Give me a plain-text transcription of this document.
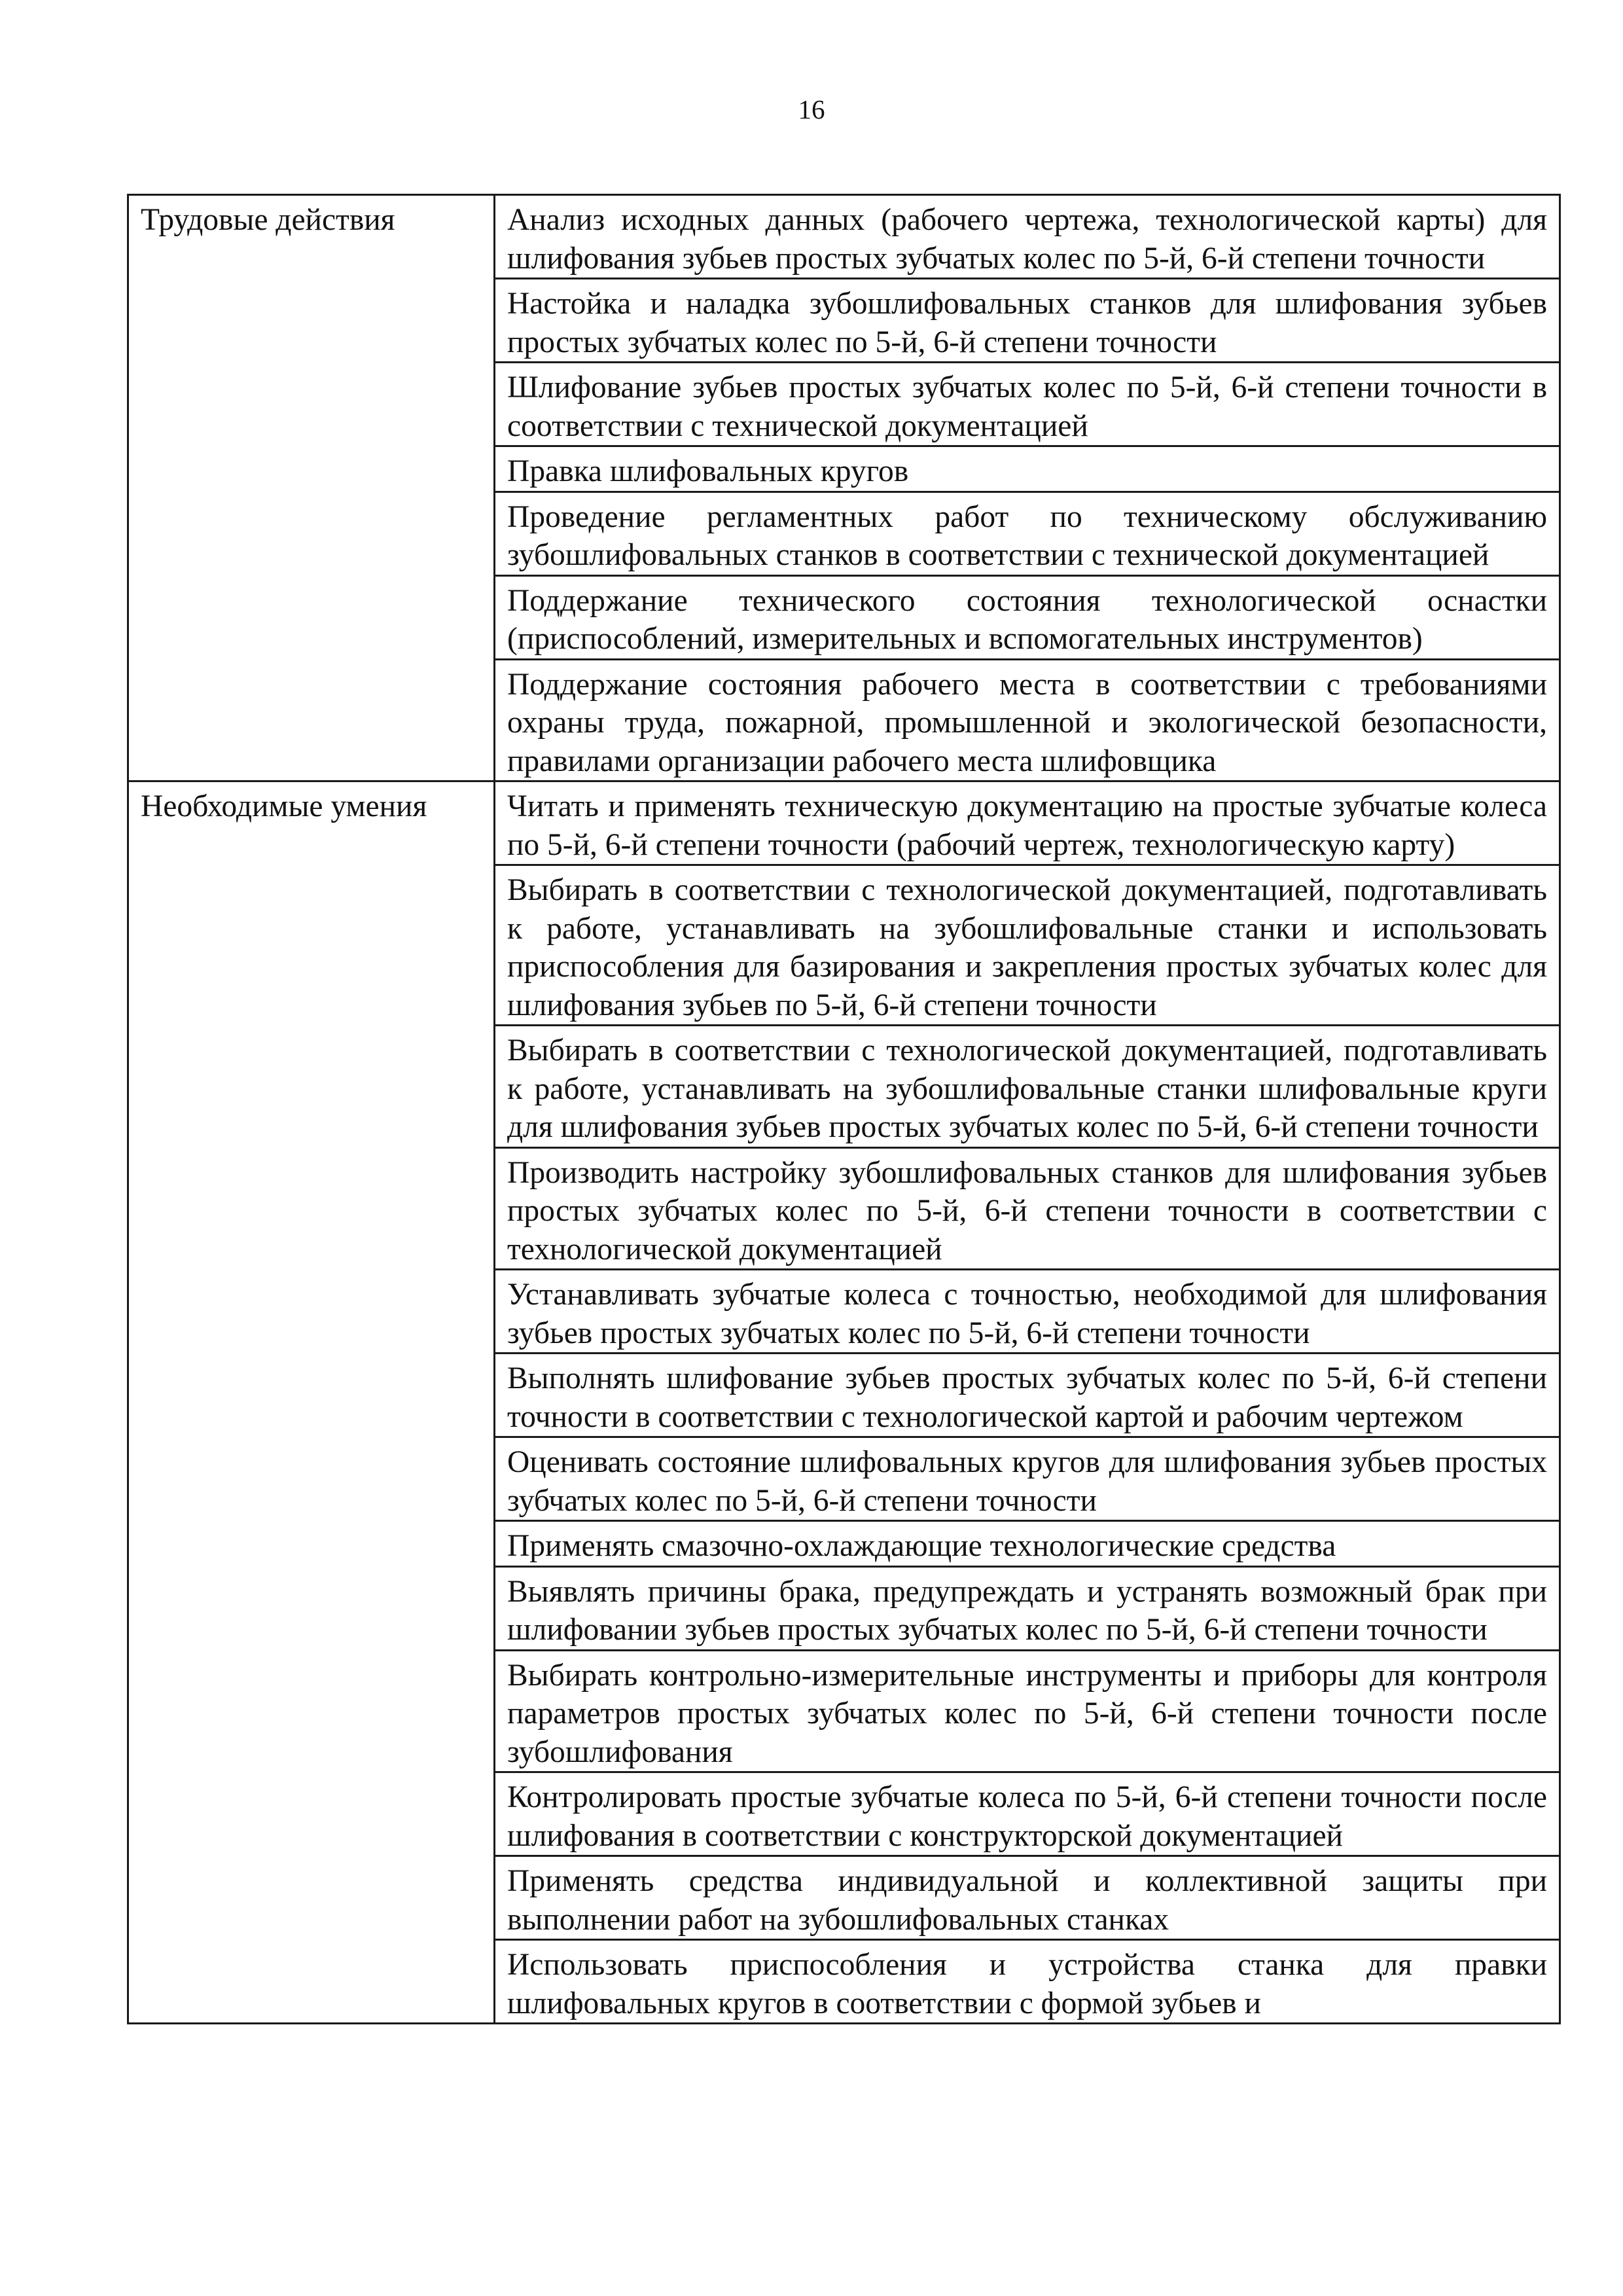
16
Трудовые действия	Анализ исходных данных (рабочего чертежа, технологической карты) для шлифования зубьев простых зубчатых колес по 5-й, 6-й степени точности
	Настойка и наладка зубошлифовальных станков для шлифования зубьев простых зубчатых колес по 5-й, 6-й степени точности
	Шлифование зубьев простых зубчатых колес по 5-й, 6-й степени точности в соответствии с технической документацией
	Правка шлифовальных кругов
	Проведение регламентных работ по техническому обслуживанию зубошлифовальных станков в соответствии с технической документацией
	Поддержание технического состояния технологической оснастки (приспособлений, измерительных и вспомогательных инструментов)
	Поддержание состояния рабочего места в соответствии с требованиями охраны труда, пожарной, промышленной и экологической безопасности, правилами организации рабочего места шлифовщика
Необходимые умения	Читать и применять техническую документацию на простые зубчатые колеса по 5-й, 6-й степени точности (рабочий чертеж, технологическую карту)
	Выбирать в соответствии с технологической документацией, подготавливать к работе, устанавливать на зубошлифовальные станки и использовать приспособления для базирования и закрепления простых зубчатых колес для шлифования зубьев по 5-й, 6-й степени точности
	Выбирать в соответствии с технологической документацией, подготавливать к работе, устанавливать на зубошлифовальные станки шлифовальные круги для шлифования зубьев простых зубчатых колес по 5-й, 6-й степени точности
	Производить настройку зубошлифовальных станков для шлифования зубьев простых зубчатых колес по 5-й, 6-й степени точности в соответствии с технологической документацией
	Устанавливать зубчатые колеса с точностью, необходимой для шлифования зубьев простых зубчатых колес по 5-й, 6-й степени точности
	Выполнять шлифование зубьев простых зубчатых колес по 5-й, 6-й степени точности в соответствии с технологической картой и рабочим чертежом
	Оценивать состояние шлифовальных кругов для шлифования зубьев простых зубчатых колес по 5-й, 6-й степени точности
	Применять смазочно-охлаждающие технологические средства
	Выявлять причины брака, предупреждать и устранять возможный брак при шлифовании зубьев простых зубчатых колес по 5-й, 6-й степени точности
	Выбирать контрольно-измерительные инструменты и приборы для контроля параметров простых зубчатых колес по 5-й, 6-й степени точности после зубошлифования
	Контролировать простые зубчатые колеса по 5-й, 6-й степени точности после шлифования в соответствии с конструкторской документацией
	Применять средства индивидуальной и коллективной защиты при выполнении работ на зубошлифовальных станках
	Использовать приспособления и устройства станка для правки шлифовальных кругов в соответствии с формой зубьев и
